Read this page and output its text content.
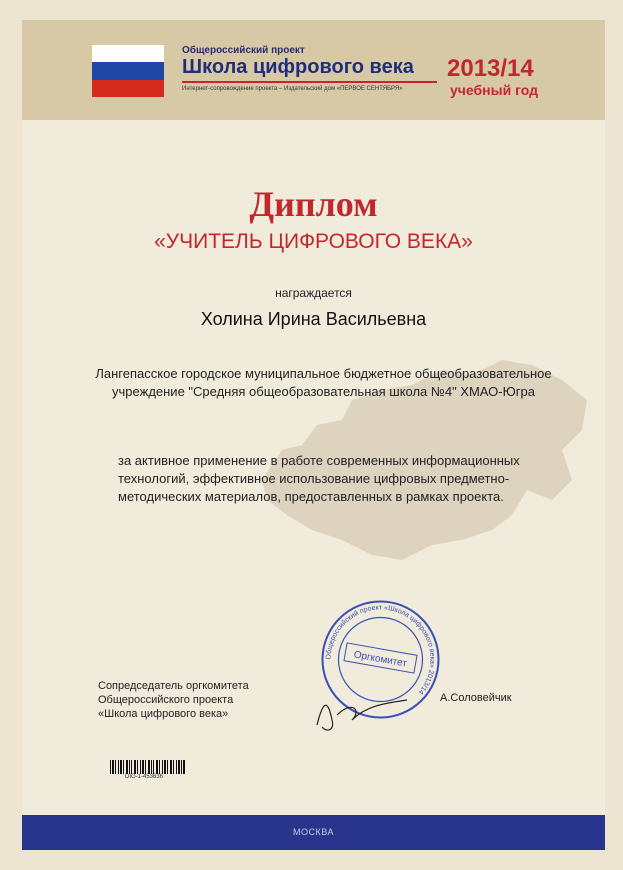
Общероссийский проект
Школа цифрового века
Интернет-сопровождение проекта – Издательский дом «ПЕРВОЕ СЕНТЯБРЯ»
2013/14
учебный год
Диплом
«УЧИТЕЛЬ ЦИФРОВОГО ВЕКА»
награждается
Холина Ирина Васильевна
Лангепасское городское муниципальное бюджетное общеобразовательное учреждение "Средняя общеобразовательная школа №4" ХМАО-Югра
за активное применение в работе современных информационных технологий, эффективное использование цифровых предметно-методических материалов, предоставленных в рамках проекта.
Общероссийский проект «Школа цифрового века» 2013/14
Оргкомитет
Сопредседатель оргкомитета
Общероссийского проекта
«Школа цифрового века»
А.Соловейчик
DIG-1-453636
МОСКВА
